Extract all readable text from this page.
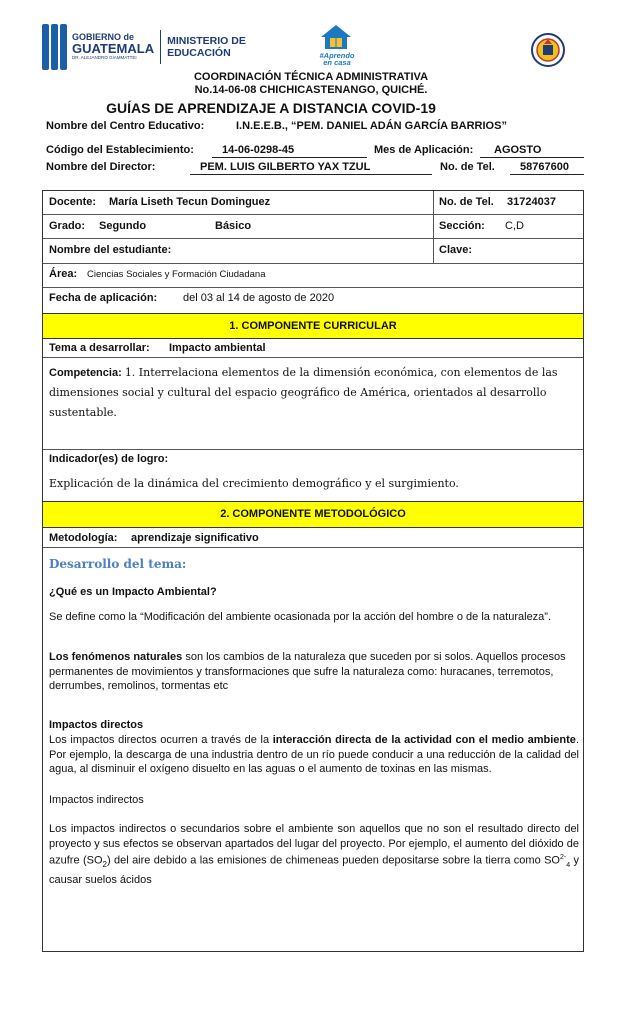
GOBIERNO de
GUATEMALA
DR. ALEJANDRO GIAMMATTEI
MINISTERIO DE
EDUCACIÓN	#Aprendo
en casa
COORDINACIÓN TÉCNICA ADMINISTRATIVA
No.14-06-08 CHICHICASTENANGO, QUICHÉ.
GUÍAS DE APRENDIZAJE A DISTANCIA COVID-19
Nombre del Centro Educativo:	I.N.E.E.B., “PEM. DANIEL ADÁN GARCÍA BARRIOS”
Código del Establecimiento:	14-06-0298-45	Mes de Aplicación: AGOSTO
Nombre del Director:	PEM. LUIS GILBERTO YAX TZUL	No. de Tel. 58767600
Docente: María Liseth Tecun Dominguez	No. de Tel. 31724037
Grado: Segundo	Básico	Sección: C,D
Nombre del estudiante:	Clave:
Área: Ciencias Sociales y Formación Ciudadana
Fecha de aplicación: del 03 al 14 de agosto de 2020
1. COMPONENTE CURRICULAR
Tema a desarrollar: Impacto ambiental
Competencia: 1. Interrelaciona elementos de la dimensión económica, con elementos de las dimensiones social y cultural del espacio geográfico de América, orientados al desarrollo sustentable.
Indicador(es) de logro:
Explicación de la dinámica del crecimiento demográfico y el surgimiento.
2. COMPONENTE METODOLÓGICO
Metodología: aprendizaje significativo
Desarrollo del tema:
¿Qué es un Impacto Ambiental?
Se define como la “Modificación del ambiente ocasionada por la acción del hombre o de la naturaleza”.
Los fenómenos naturales son los cambios de la naturaleza que suceden por si solos. Aquellos procesos permanentes de movimientos y transformaciones que sufre la naturaleza como: huracanes, terremotos, derrumbes, remolinos, tormentas etc
Impactos directos
Los impactos directos ocurren a través de la interacción directa de la actividad con el medio ambiente. Por ejemplo, la descarga de una industria dentro de un río puede conducir a una reducción de la calidad del agua, al disminuir el oxígeno disuelto en las aguas o el aumento de toxinas en las mismas.
Impactos indirectos
Los impactos indirectos o secundarios sobre el ambiente son aquellos que no son el resultado directo del proyecto y sus efectos se observan apartados del lugar del proyecto. Por ejemplo, el aumento del dióxido de azufre $(SO_2)$ del aire debido a las emisiones de chimeneas pueden depositarse sobre la tierra como $SO^{2-}_4$ y causar suelos ácidos
